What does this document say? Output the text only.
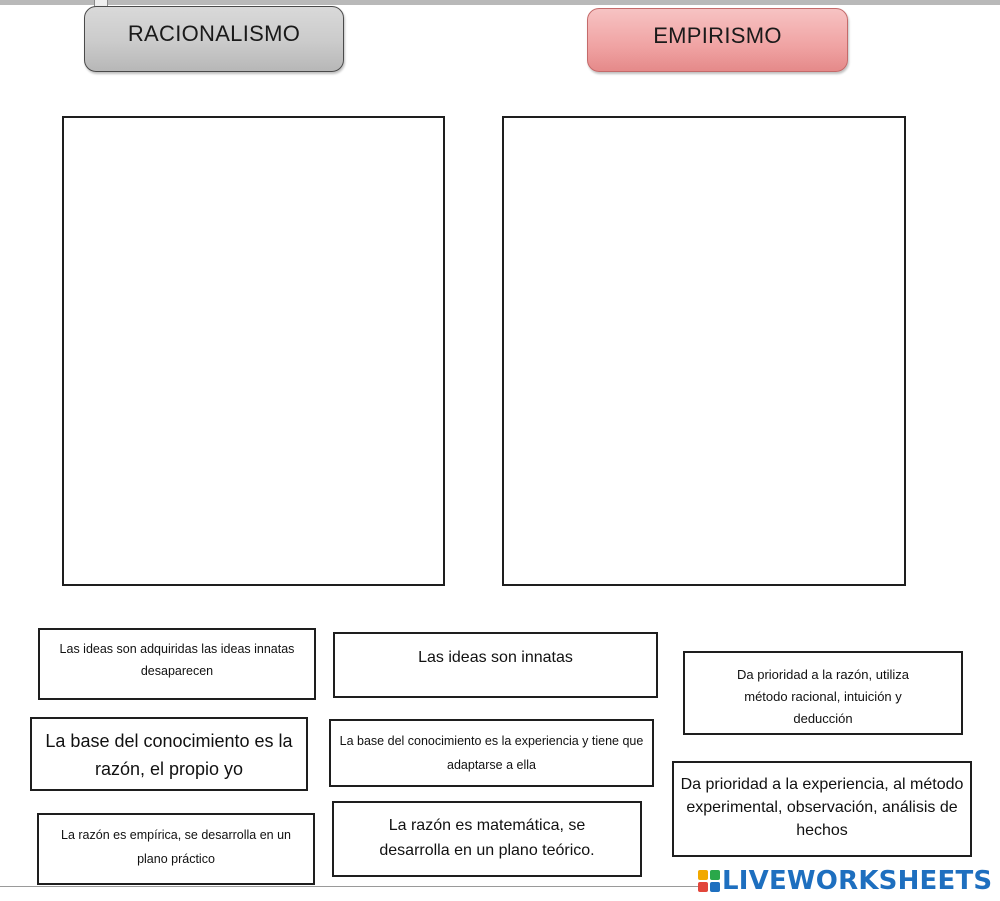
RACIONALISMO	EMPIRISMO
Las ideas son adquiridas las ideas innatas desaparecen
Las ideas son innatas
Da prioridad a la razón, utiliza método racional, intuición y deducción
La base del conocimiento es la razón, el propio yo
La base del conocimiento es la experiencia y tiene que adaptarse a ella
Da prioridad a la experiencia, al método experimental, observación, análisis de hechos
La razón es empírica, se desarrolla en un plano práctico
La razón es matemática, se desarrolla en un plano teórico.
LIVEWORKSHEETS
